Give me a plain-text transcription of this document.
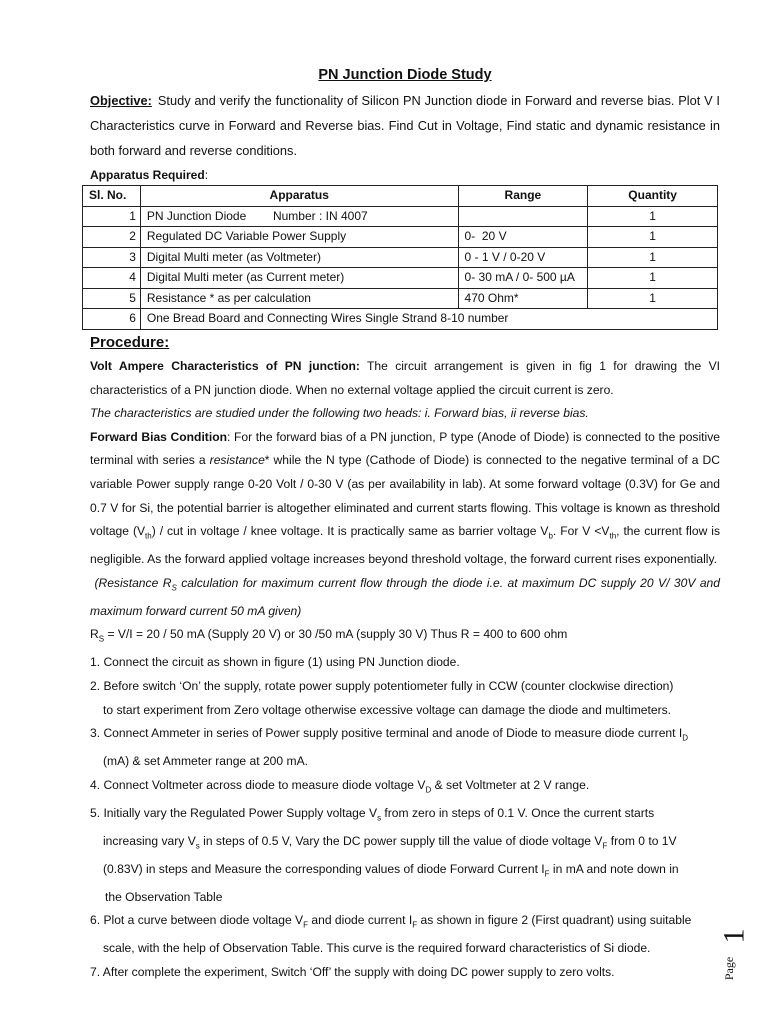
PN Junction Diode Study
Objective: Study and verify the functionality of Silicon PN Junction diode in Forward and reverse bias. Plot V I Characteristics curve in Forward and Reverse bias. Find Cut in Voltage, Find static and dynamic resistance in both forward and reverse conditions.
Apparatus Required:
Sl. No.	Apparatus	Range	Quantity
1	PN Junction Diode        Number : IN 4007		1
2	Regulated DC Variable Power Supply	0-  20 V	1
3	Digital Multi meter (as Voltmeter)	0 - 1 V / 0-20 V	1
4	Digital Multi meter (as Current meter)	0- 30 mA / 0- 500 µA	1
5	Resistance * as per calculation	470 Ohm*	1
6	One Bread Board and Connecting Wires Single Strand 8-10 number		
Procedure:

Volt Ampere Characteristics of PN junction: The circuit arrangement is given in fig 1 for drawing the VI characteristics of a PN junction diode. When no external voltage applied the circuit current is zero.

The characteristics are studied under the following two heads: i. Forward bias, ii reverse bias.

Forward Bias Condition: For the forward bias of a PN junction, P type (Anode of Diode) is connected to the positive terminal with series a resistance* while the N type (Cathode of Diode) is connected to the negative terminal of a DC variable Power supply range 0-20 Volt / 0-30 V (as per availability in lab). At some forward voltage (0.3V) for Ge and 0.7 V for Si, the potential barrier is altogether eliminated and current starts flowing. This voltage is known as threshold voltage $(V_{th})$ / cut in voltage / knee voltage. It is practically same as barrier voltage $V_b$. For $V <V_{th}$, the current flow is negligible. As the forward applied voltage increases beyond threshold voltage, the forward current rises exponentially.

(Resistance $R_S$ calculation for maximum current flow through the diode i.e. at maximum DC supply 20 V/ 30V and maximum forward current 50 mA given)

$R_S = V/I = 20 / 50$ mA (Supply 20 V) or 30 /50 mA (supply 30 V) Thus R = 400 to 600 ohm

1. Connect the circuit as shown in figure (1) using PN Junction diode.

2. Before switch ‘On’ the supply, rotate power supply potentiometer fully in CCW (counter clockwise direction)

to start experiment from Zero voltage otherwise excessive voltage can damage the diode and multimeters.

3. Connect Ammeter in series of Power supply positive terminal and anode of Diode to measure diode current $I_D$

(mA) & set Ammeter range at 200 mA.

4. Connect Voltmeter across diode to measure diode voltage $V_D$ & set Voltmeter at 2 V range.

5. Initially vary the Regulated Power Supply voltage $V_s$ from zero in steps of 0.1 V. Once the current starts

increasing vary $V_s$ in steps of 0.5 V, Vary the DC power supply till the value of diode voltage $V_F$ from 0 to 1V

(0.83V) in steps and Measure the corresponding values of diode Forward Current $I_F$ in mA and note down in

the Observation Table

6. Plot a curve between diode voltage $V_F$ and diode current $I_F$ as shown in figure 2 (First quadrant) using suitable

scale, with the help of Observation Table. This curve is the required forward characteristics of Si diode.

7. After complete the experiment, Switch ‘Off’ the supply with doing DC power supply to zero volts.

1
Page
